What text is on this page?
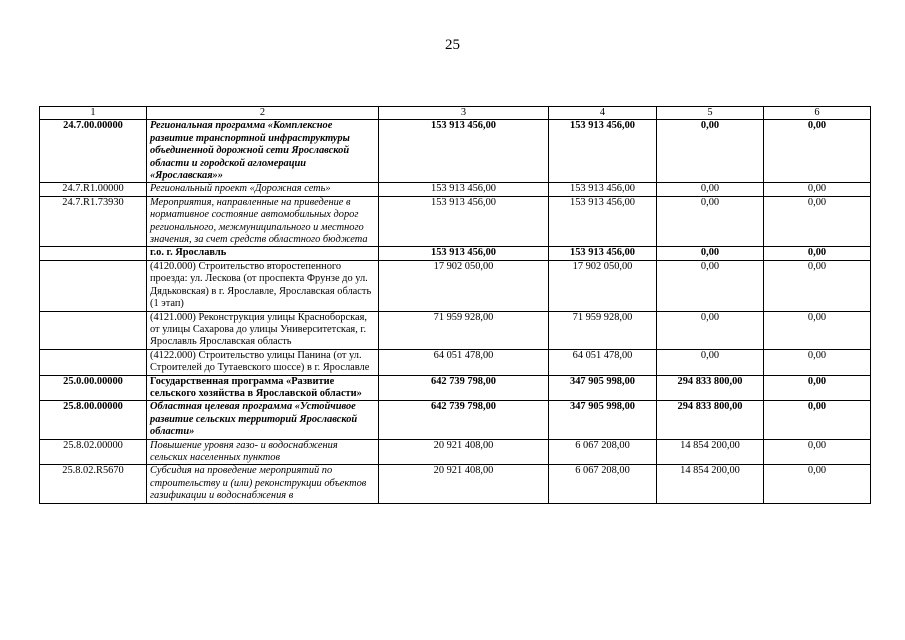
25
1	2	3	4	5	6
24.7.00.00000	Региональная программа «Комплексное развитие транспортной инфраструктуры объединенной дорожной сети Ярославской области и городской агломерации «Ярославская»»	153 913 456,00	153 913 456,00	0,00	0,00
24.7.R1.00000	Региональный проект «Дорожная сеть»	153 913 456,00	153 913 456,00	0,00	0,00
24.7.R1.73930	Мероприятия, направленные на приведение в нормативное состояние автомобильных дорог регионального, межмуниципального и местного значения, за счет средств областного бюджета	153 913 456,00	153 913 456,00	0,00	0,00
	г.о. г. Ярославль	153 913 456,00	153 913 456,00	0,00	0,00
	(4120.000) Строительство второстепенного проезда: ул. Лескова (от проспекта Фрунзе до ул. Дядьковская) в г. Ярославле, Ярославская область (1 этап)	17 902 050,00	17 902 050,00	0,00	0,00
	(4121.000) Реконструкция улицы Красноборская, от улицы Сахарова до улицы Университетская, г. Ярославль Ярославская область	71 959 928,00	71 959 928,00	0,00	0,00
	(4122.000) Строительство улицы Панина (от ул. Строителей до Тутаевского шоссе) в г. Ярославле	64 051 478,00	64 051 478,00	0,00	0,00
25.0.00.00000	Государственная программа «Развитие сельского хозяйства в Ярославской области»	642 739 798,00	347 905 998,00	294 833 800,00	0,00
25.8.00.00000	Областная целевая программа «Устойчивое развитие сельских территорий Ярославской области»	642 739 798,00	347 905 998,00	294 833 800,00	0,00
25.8.02.00000	Повышение уровня газо- и водоснабжения сельских населенных пунктов	20 921 408,00	6 067 208,00	14 854 200,00	0,00
25.8.02.R5670	Субсидия на проведение мероприятий по строительству и (или) реконструкции объектов газификации и водоснабжения в	20 921 408,00	6 067 208,00	14 854 200,00	0,00
